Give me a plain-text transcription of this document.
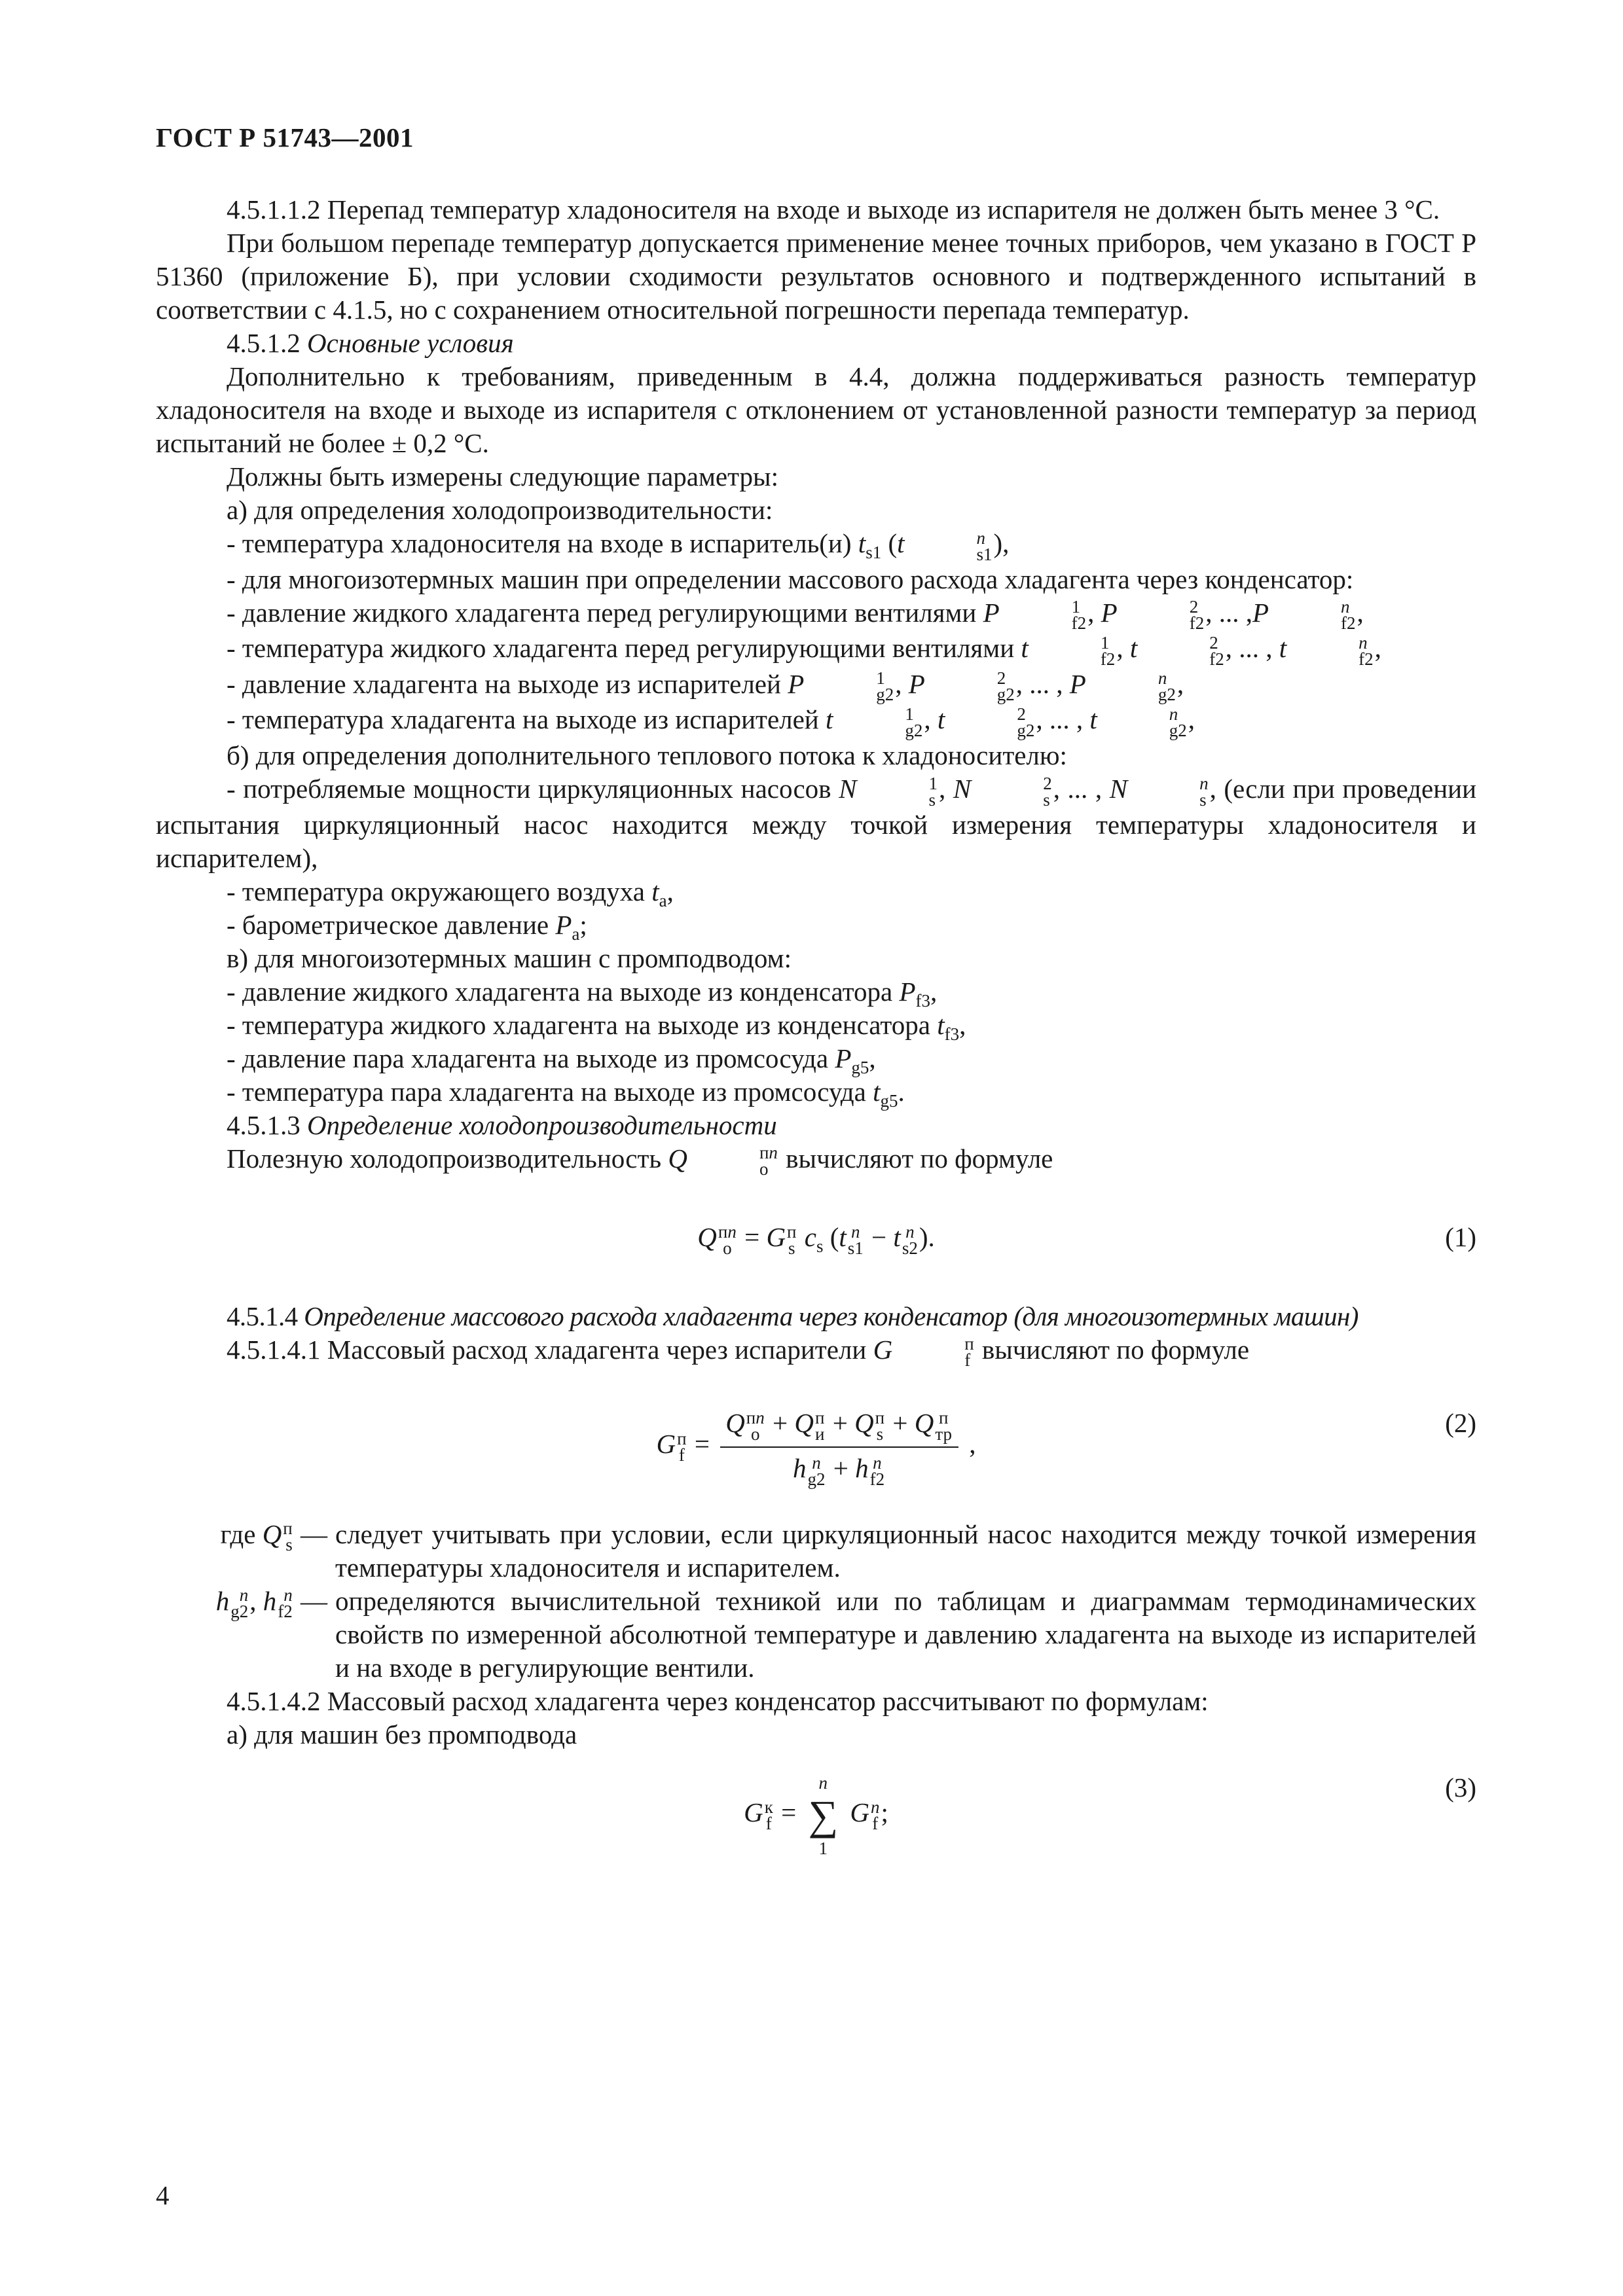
ГОСТ Р 51743—2001

4.5.1.1.2 Перепад температур хладоносителя на входе и выходе из испарителя не должен быть менее 3 °С.

При большом перепаде температур допускается применение менее точных приборов, чем указано в ГОСТ Р 51360 (приложение Б), при условии сходимости результатов основного и подтвержденного испытаний в соответствии с 4.1.5, но с сохранением относительной погрешности перепада температур.

4.5.1.2 Основные условия

Дополнительно к требованиям, приведенным в 4.4, должна поддерживаться разность температур хладоносителя на входе и выходе из испарителя с отклонением от установленной разности температур за период испытаний не более ± 0,2 °С.

Должны быть измерены следующие параметры:

а) для определения холодопроизводительности:

- температура хладоносителя на входе в испаритель(и) $t_{s1}$ (t	n
s1 ),

- для многоизотермных машин при определении массового расхода хладагента через конденсатор:

- давление жидкого хладагента перед регулирующими вентилями P	1
f2 , P	2
f2 , ... ,P	n
f2 ,

- температура жидкого хладагента перед регулирующими вентилями t	1
f2 , t	2
f2 , ... , t	n
f2 ,

- давление хладагента на выходе из испарителей P	1
g2 , P	2
g2 , ... , P	n
g2 ,

- температура хладагента на выходе из испарителей t	1
g2 , t	2
g2 , ... , t	n
g2 ,

б) для определения дополнительного теплового потока к хладоносителю:

- потребляемые мощности циркуляционных насосов N	1
s , N	2
s , ... , N	n
s , (если при проведении испытания циркуляционный насос находится между точкой измерения температуры хладоносителя и испарителем),

- температура окружающего воздуха $t_a$,

- барометрическое давление $P_a$;

в) для многоизотермных машин с промподводом:

- давление жидкого хладагента на выходе из конденсатора $P_{f3}$,

- температура жидкого хладагента на выходе из конденсатора $t_{f3}$,

- давление пара хладагента на выходе из промсосуда $P_{g5}$,

- температура пара хладагента на выходе из промсосуда $t_{g5}$.

4.5.1.3 Определение холодопроизводительности

Полезную холодопроизводительность Q	пn
о вычисляют по формуле

Q пn
о = G п
s $c_s$ (t n
s1 − t n
s2 ).	(1)

4.5.1.4 Определение массового расхода хладагента через конденсатор (для многоизотермных машин)

4.5.1.4.1 Массовый расход хладагента через испарители G	п
f вычисляют по формуле

G п
f = Q пn
о + Q п
и + Q п
s + Q п
тр
h n
g2 + h n
f2 ,
(2)
где Q п
s — следует учитывать при условии, если циркуляционный насос находится между точкой измерения температуры хладоносителя и испарителем.
h n
g2 , h n
f2 — определяются вычислительной техникой или по таблицам и диаграммам термодинамических свойств по измеренной абсолютной температуре и давлению хладагента на выходе из испарителей и на входе в регулирующие вентили.

4.5.1.4.2 Массовый расход хладагента через конденсатор рассчитывают по формулам:

а) для машин без промподвода

G к
f =
n
∑
1
G n
f ;
(3)
4
